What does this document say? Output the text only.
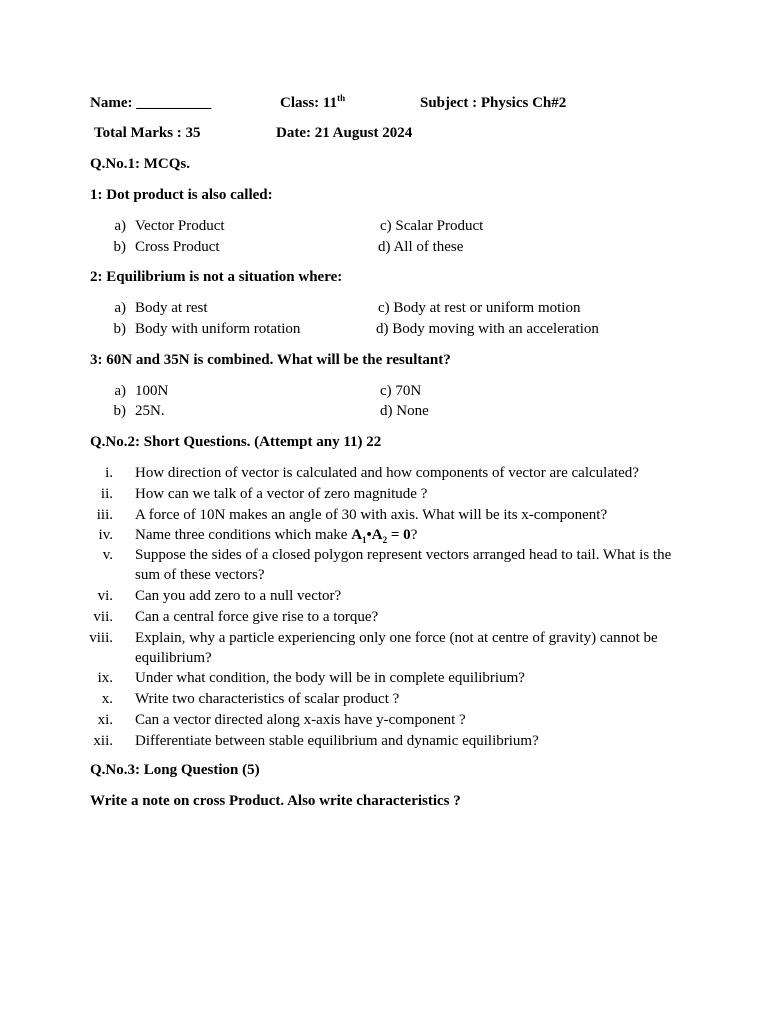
Name: __________	Class: 11th	Subject : Physics Ch#2
Total Marks : 35	Date: 21 August 2024
Q.No.1: MCQs.
1: Dot product is also called:
a) Vector Product
b) Cross Product
c) Scalar Product
d) All of these
2: Equilibrium is not a situation where:
a) Body at rest
b) Body with uniform rotation
c) Body at rest or uniform motion
d) Body moving with an acceleration
3: 60N and 35N is combined. What will be the resultant?
a) 100N
b) 25N.
c) 70N
d) None
Q.No.2: Short Questions. (Attempt any 11) 22
i. How direction of vector is calculated and how components of vector are calculated?
ii. How can we talk of a vector of zero magnitude ?
iii. A force of 10N makes an angle of 30 with axis. What will be its x-component?
iv. Name three conditions which make $A_1•A_2 = 0$?
v. Suppose the sides of a closed polygon represent vectors arranged head to tail. What is the sum of these vectors?
vi. Can you add zero to a null vector?
vii. Can a central force give rise to a torque?
viii. Explain, why a particle experiencing only one force (not at centre of gravity) cannot be equilibrium?
ix. Under what condition, the body will be in complete equilibrium?
x. Write two characteristics of scalar product ?
xi. Can a vector directed along x-axis have y-component ?
xii. Differentiate between stable equilibrium and dynamic equilibrium?
Q.No.3: Long Question (5)
Write a note on cross Product. Also write characteristics ?
